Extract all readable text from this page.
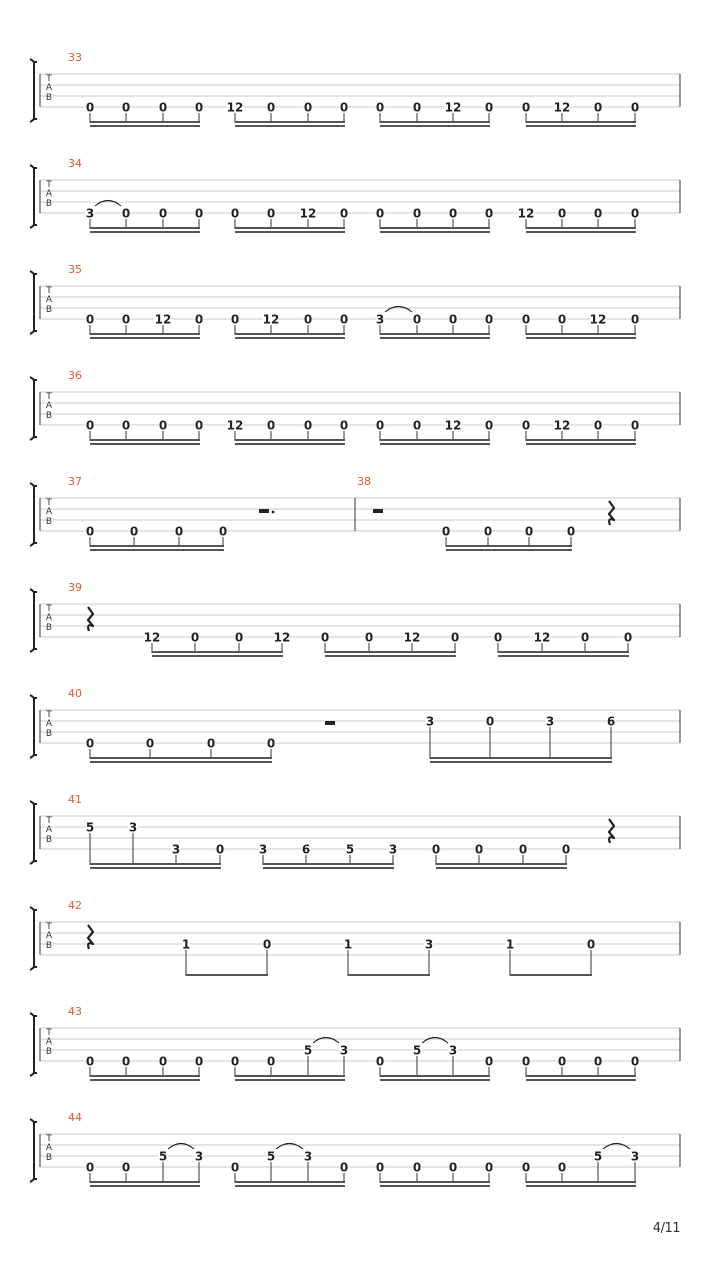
T
A
B
33
0 0 0 0 12 0 0 0 0 0 12 0 0 12 0 0
T
A
B
34
3 0 0 0 0 0 12 0 0 0 0 0 12 0 0 0
T
A
B
35
0 0 12 0 0 12 0 0 3 0 0 0 0 0 12 0
T
A
B
36
0 0 0 0 12 0 0 0 0 0 12 0 0 12 0 0
T
A
B
37
0	0	0	0
38
0	0	0	0
T
A
B
39
12	0	0	12	0	0	12	0	0	12	0	0
T
A
B
40
0	0	0	0
3	0	3	6
T
A
B
41
5	3
3	0	3	6	5	3	0	0	0	0
T
A
B
42
1	0	1	3	1	0
T
A
B
43
0 0 0 0 0 0
5 3
0
5 3
0 0 0 0 0
T
A
B
44
0 0
5 3
0
5 3
0 0 0 0 0 0 0
5 3
4/11
